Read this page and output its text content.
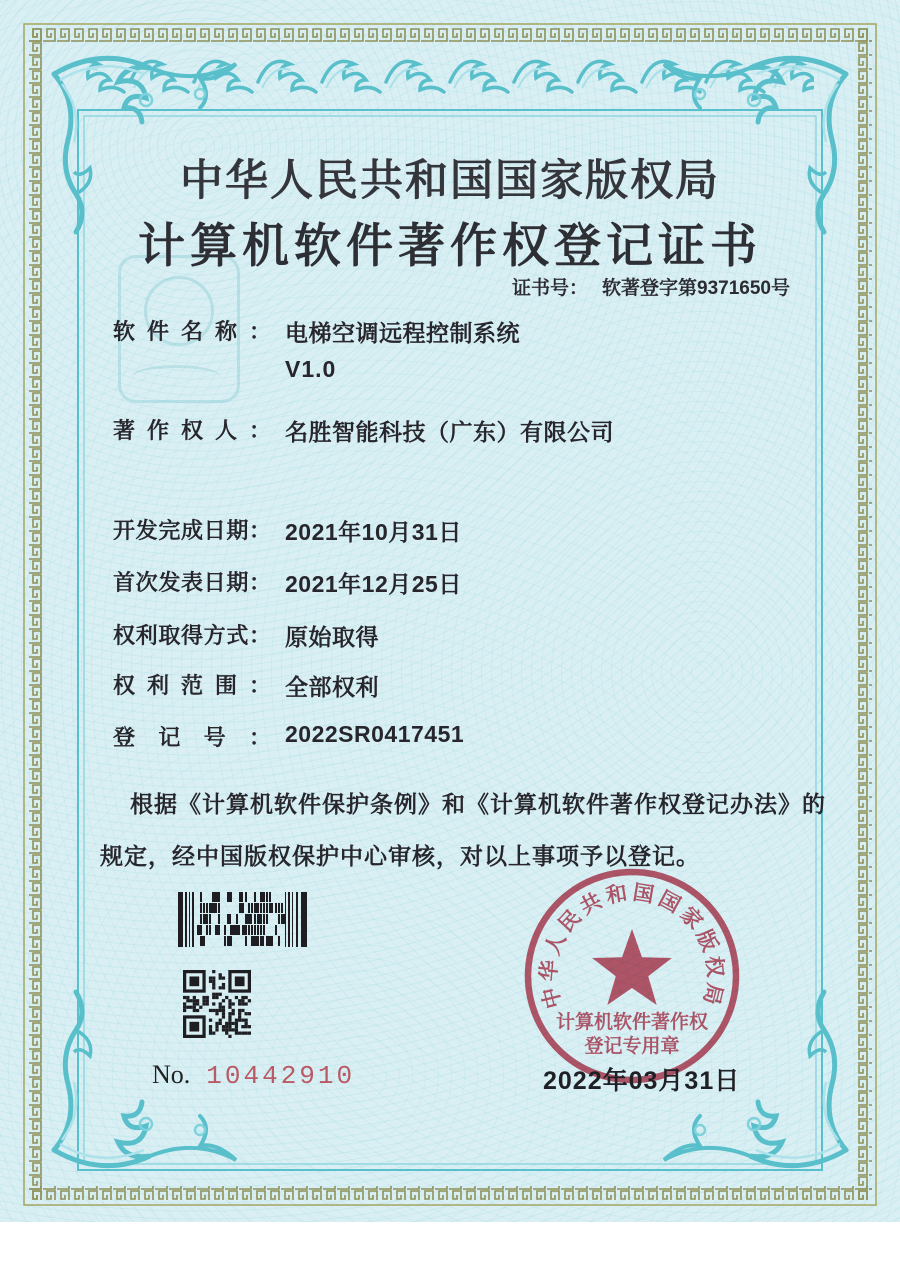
中华人民共和国国家版权局
计算机软件著作权登记证书
证书号： 软著登字第9371650号
软件名称： 电梯空调远程控制系统
V1.0
著作权人： 名胜智能科技（广东）有限公司
开发完成日期： 2021年10月31日
首次发表日期： 2021年12月25日
权利取得方式： 原始取得
权利范围： 全部权利
登记号： 2022SR0417451
根据《计算机软件保护条例》和《计算机软件著作权登记办法》的
规定，经中国版权保护中心审核，对以上事项予以登记。
中华人民共和国国家版权局
计算机软件著作权
登记专用章
No. 10442910	2022年03月31日
